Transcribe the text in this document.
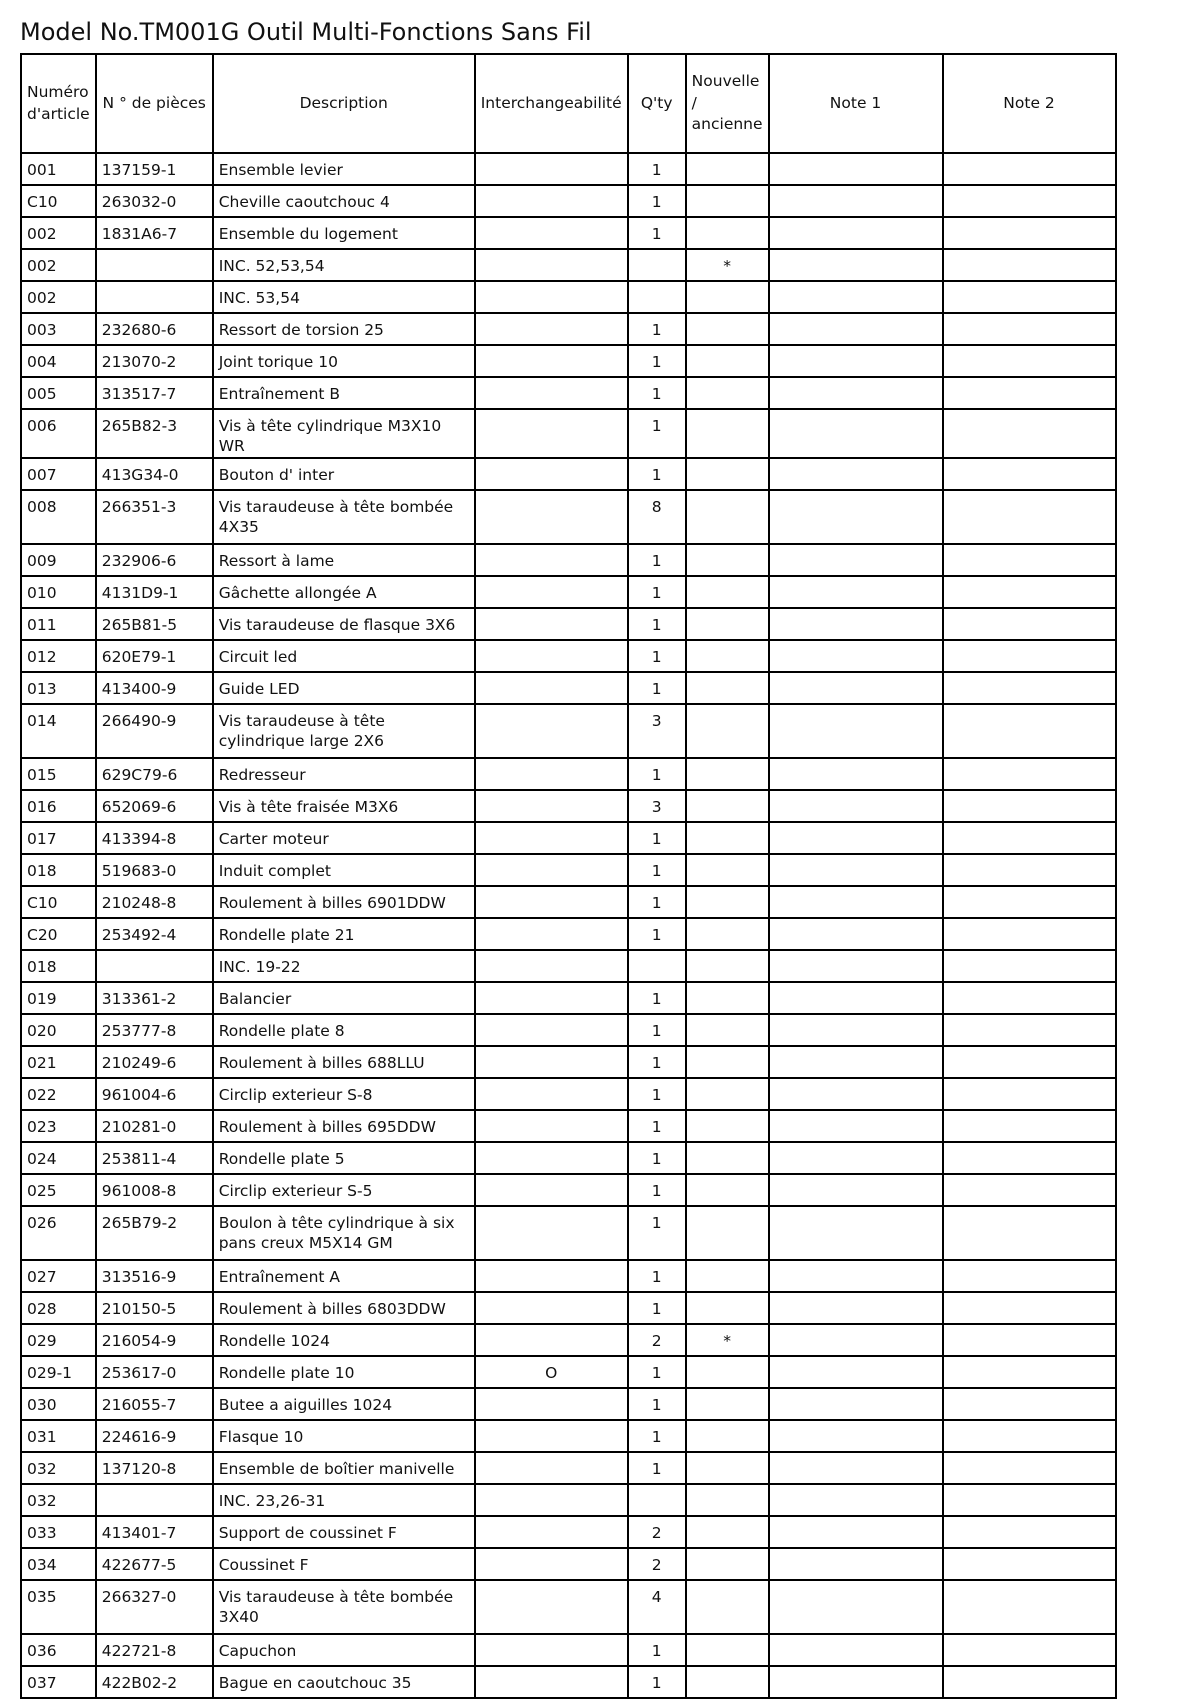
Model No.TM001G Outil Multi-Fonctions Sans Fil
Numéro d'article	N ° de pièces	Description	Interchangeabilité	Q'ty	Nouvelle / ancienne	Note 1	Note 2
001	137159-1	Ensemble levier		1			
C10	263032-0	Cheville caoutchouc 4		1			
002	1831A6-7	Ensemble du logement		1			
002		INC. 52,53,54			*		
002		INC. 53,54					
003	232680-6	Ressort de torsion 25		1			
004	213070-2	Joint torique 10		1			
005	313517-7	Entraînement B		1			
006	265B82-3	Vis à tête cylindrique M3X10 WR		1			
007	413G34-0	Bouton d' inter		1			
008	266351-3	Vis taraudeuse à tête bombée 4X35		8			
009	232906-6	Ressort à lame		1			
010	4131D9-1	Gâchette allongée A		1			
011	265B81-5	Vis taraudeuse de flasque 3X6		1			
012	620E79-1	Circuit led		1			
013	413400-9	Guide LED		1			
014	266490-9	Vis taraudeuse à tête cylindrique large 2X6		3			
015	629C79-6	Redresseur		1			
016	652069-6	Vis à tête fraisée M3X6		3			
017	413394-8	Carter moteur		1			
018	519683-0	Induit complet		1			
C10	210248-8	Roulement à billes 6901DDW		1			
C20	253492-4	Rondelle plate 21		1			
018		INC. 19-22					
019	313361-2	Balancier		1			
020	253777-8	Rondelle plate 8		1			
021	210249-6	Roulement à billes 688LLU		1			
022	961004-6	Circlip exterieur S-8		1			
023	210281-0	Roulement à billes 695DDW		1			
024	253811-4	Rondelle plate 5		1			
025	961008-8	Circlip exterieur S-5		1			
026	265B79-2	Boulon à tête cylindrique à six pans creux M5X14 GM		1			
027	313516-9	Entraînement A		1			
028	210150-5	Roulement à billes 6803DDW		1			
029	216054-9	Rondelle 1024		2	*		
029-1	253617-0	Rondelle plate 10	O	1			
030	216055-7	Butee a aiguilles 1024		1			
031	224616-9	Flasque 10		1			
032	137120-8	Ensemble de boîtier manivelle		1			
032		INC. 23,26-31					
033	413401-7	Support de coussinet F		2			
034	422677-5	Coussinet F		2			
035	266327-0	Vis taraudeuse à tête bombée 3X40		4			
036	422721-8	Capuchon		1			
037	422B02-2	Bague en caoutchouc 35		1			
